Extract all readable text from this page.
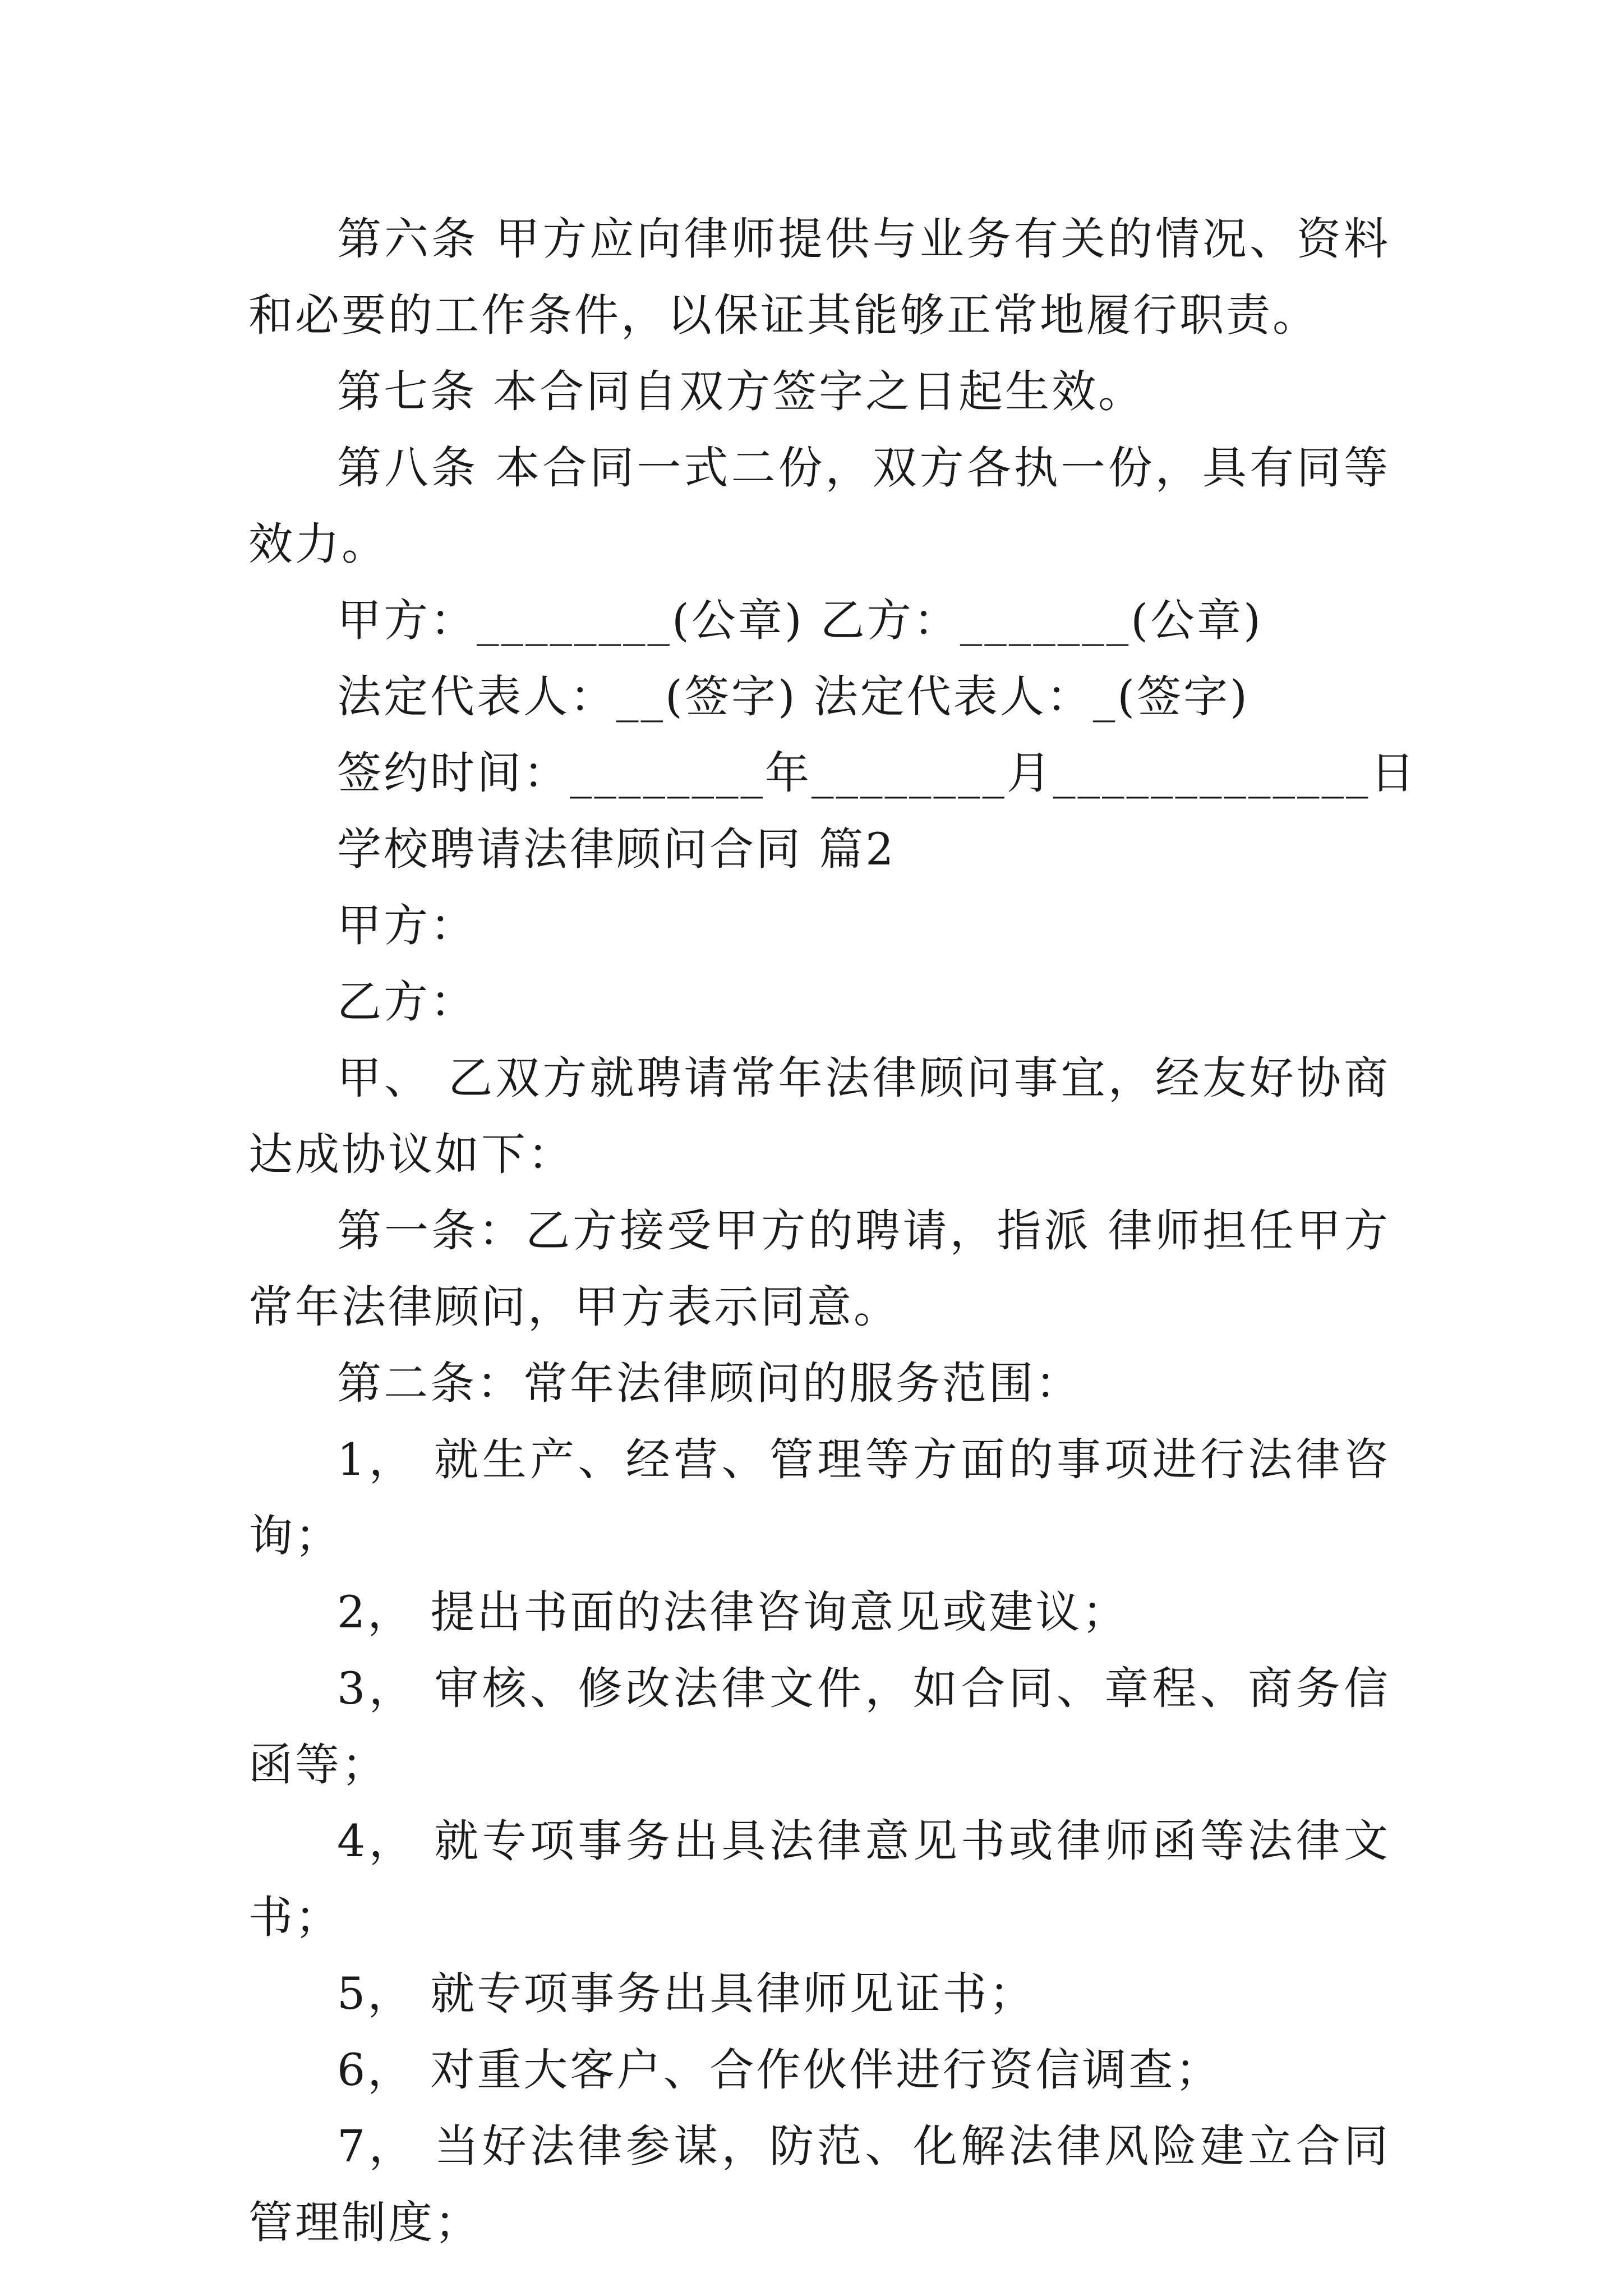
第六条 甲方应向律师提供与业务有关的情况、资料和必要的工作条件，以保证其能够正常地履行职责。

第七条 本合同自双方签字之日起生效。

第八条 本合同一式二份，双方各执一份，具有同等效力。

甲方：________(公章) 乙方：_______(公章)

法定代表人：__(签字) 法定代表人：_(签字)

签约时间：________年________月_____________日

学校聘请法律顾问合同 篇2

甲方：

乙方：

甲、 乙双方就聘请常年法律顾问事宜，经友好协商达成协议如下：

第一条：乙方接受甲方的聘请，指派 律师担任甲方常年法律顾问，甲方表示同意。

第二条：常年法律顾问的服务范围：

1， 就生产、经营、管理等方面的事项进行法律咨询；

2， 提出书面的法律咨询意见或建议；

3， 审核、修改法律文件，如合同、章程、商务信函等；

4， 就专项事务出具法律意见书或律师函等法律文书；

5， 就专项事务出具律师见证书；

6， 对重大客户、合作伙伴进行资信调查；

7， 当好法律参谋，防范、化解法律风险建立合同管理制度；
